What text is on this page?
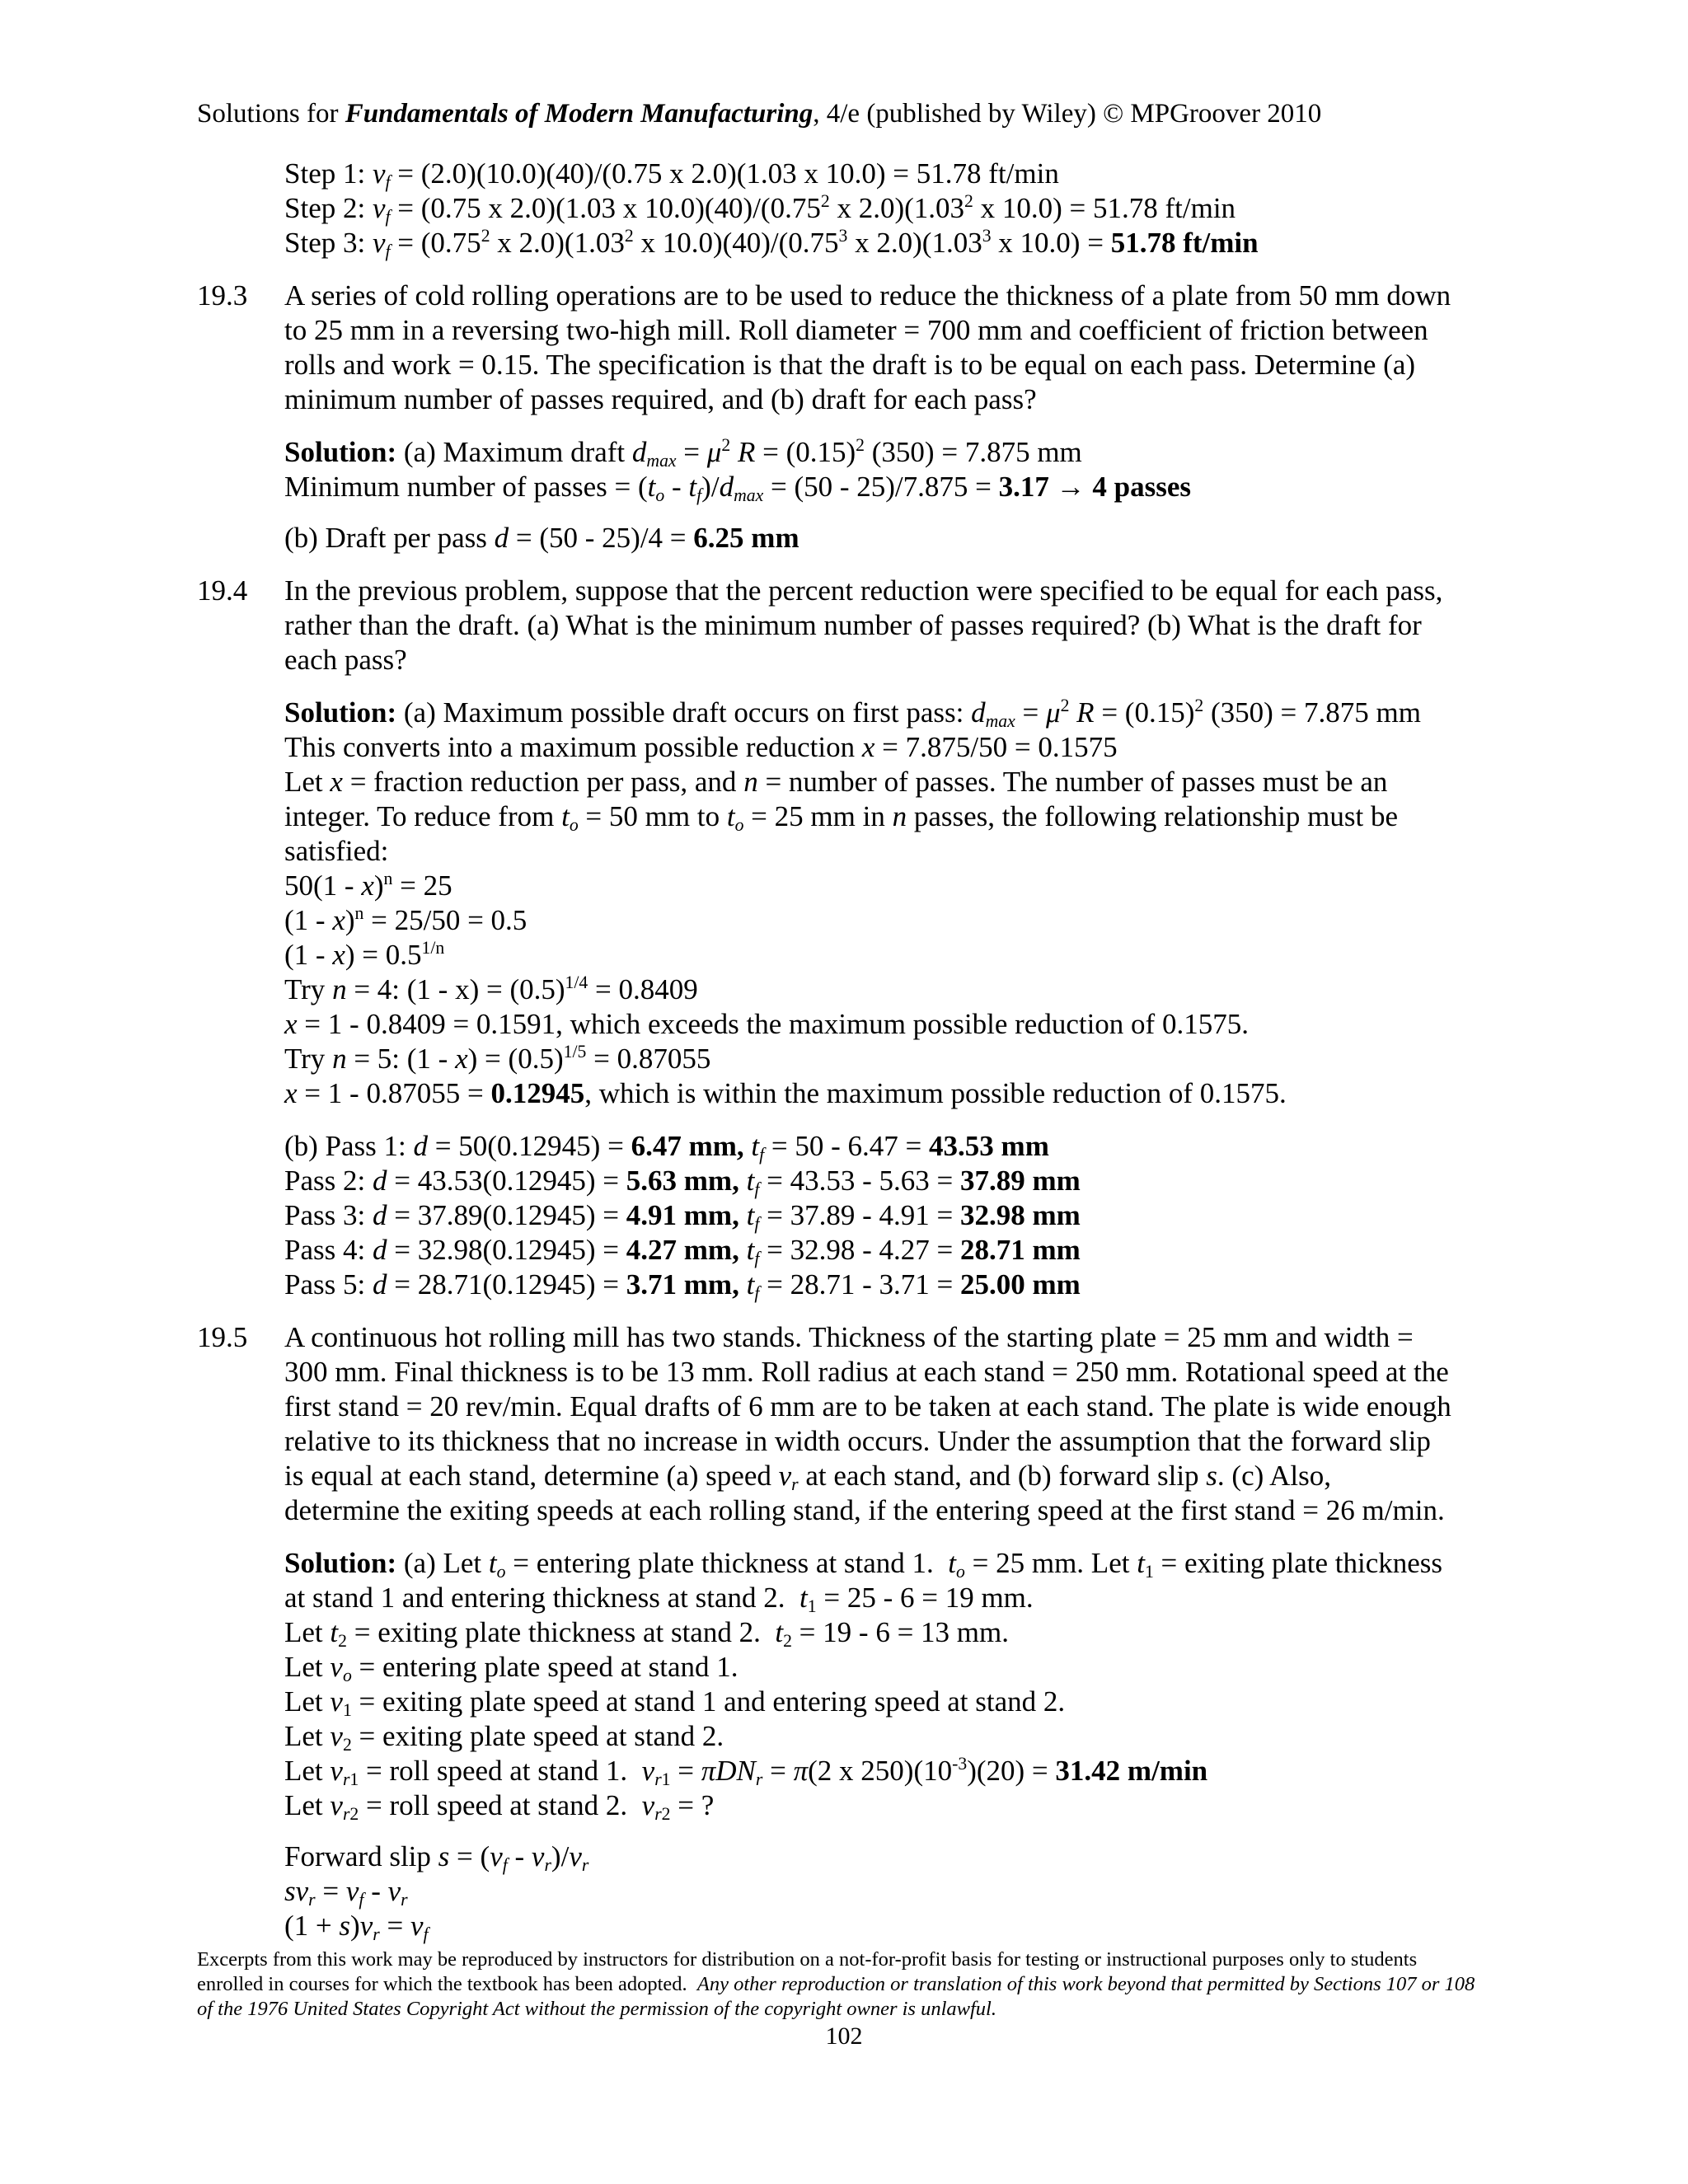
Solutions for Fundamentals of Modern Manufacturing, 4/e (published by Wiley) © MPGroover 2010
Step 1: $v_f = (2.0)(10.0)(40)/(0.75$ x 2.0)(1.03 x 10.0) = 51.78 ft/min
Step 2: $v_f = (0.75$ x 2.0)(1.03 x 10.0)(40)/(0.75$^2$ x 2.0)(1.03$^2$ x 10.0) = 51.78 ft/min
Step 3: $v_f = (0.75^2$ x 2.0)(1.03$^2$ x 10.0)(40)/(0.75$^3$ x 2.0)(1.03$^3$ x 10.0) = 51.78 ft/min
19.3 A series of cold rolling operations are to be used to reduce the thickness of a plate from 50 mm down
to 25 mm in a reversing two-high mill. Roll diameter = 700 mm and coefficient of friction between
rolls and work = 0.15. The specification is that the draft is to be equal on each pass. Determine (a)
minimum number of passes required, and (b) draft for each pass?
Solution: (a) Maximum draft $d_{max} = \mu^2$ $R = (0.15)^2$ (350) = 7.875 mm
Minimum number of passes = $(t_o - t_f)/d_{max} = (50 - 25)/7.875 = 3.17 \to 4$ passes
(b) Draft per pass d = (50 - 25)/4 = 6.25 mm
19.4 In the previous problem, suppose that the percent reduction were specified to be equal for each pass,
rather than the draft. (a) What is the minimum number of passes required? (b) What is the draft for
each pass?
Solution: (a) Maximum possible draft occurs on first pass: $d_{max} = \mu^2$ $R = (0.15)^2$ (350) = 7.875 mm
This converts into a maximum possible reduction x = 7.875/50 = 0.1575
Let x = fraction reduction per pass, and n = number of passes. The number of passes must be an
integer. To reduce from $t_o = 50$ mm to $t_o = 25$ mm in n passes, the following relationship must be
satisfied:
50(1 - x)$^n$ = 25
(1 - x)$^n$ = 25/50 = 0.5
$(1 - x) = 0.5^{1/n}$
Try n = 4: $(1 - x) = (0.5)^{1/4} = 0.8409$
x = 1 - 0.8409 = 0.1591, which exceeds the maximum possible reduction of 0.1575.
Try n = 5: $(1 - x) = (0.5)^{1/5} = 0.87055$
x = 1 - 0.87055 = 0.12945, which is within the maximum possible reduction of 0.1575.
(b) Pass 1: d = 50(0.12945) = 6.47 mm, $t_f = 50 - 6.47 = 43.53$ mm
Pass 2: d = 43.53(0.12945) = 5.63 mm, $t_f = 43.53 - 5.63 = 37.89$ mm
Pass 3: d = 37.89(0.12945) = 4.91 mm, $t_f = 37.89 - 4.91 = 32.98$ mm
Pass 4: d = 32.98(0.12945) = 4.27 mm, $t_f = 32.98 - 4.27 = 28.71$ mm
Pass 5: d = 28.71(0.12945) = 3.71 mm, $t_f = 28.71 - 3.71 = 25.00$ mm
19.5 A continuous hot rolling mill has two stands. Thickness of the starting plate = 25 mm and width =
300 mm. Final thickness is to be 13 mm. Roll radius at each stand = 250 mm. Rotational speed at the
first stand = 20 rev/min. Equal drafts of 6 mm are to be taken at each stand. The plate is wide enough
relative to its thickness that no increase in width occurs. Under the assumption that the forward slip
is equal at each stand, determine (a) speed $v_r$ at each stand, and (b) forward slip s. (c) Also,
determine the exiting speeds at each rolling stand, if the entering speed at the first stand = 26 m/min.
Solution: (a) Let $t_o$ = entering plate thickness at stand 1. $t_o = 25$ mm. Let $t_1$ = exiting plate thickness
at stand 1 and entering thickness at stand 2. $t_1 = 25 - 6 = 19$ mm.
Let $t_2$ = exiting plate thickness at stand 2. $t_2 = 19 - 6 = 13$ mm.
Let $v_o$ = entering plate speed at stand 1.
Let $v_1$ = exiting plate speed at stand 1 and entering speed at stand 2.
Let $v_2$ = exiting plate speed at stand 2.
Let $v_{r1}$ = roll speed at stand 1. $v_{r1} = \pi DN_r = \pi(2$ x $250)(10^{-3})(20) = 31.42$ m/min
Let $v_{r2}$ = roll speed at stand 2. $v_{r2}$ = ?
Forward slip $s = (v_f - v_r)/v_r$
$sv_r = v_f - v_r$
$(1 + s)v_r = v_f$
Excerpts from this work may be reproduced by instructors for distribution on a not-for-profit basis for testing or instructional purposes only to students enrolled in courses for which the textbook has been adopted. Any other reproduction or translation of this work beyond that permitted by Sections 107 or 108 of the 1976 United States Copyright Act without the permission of the copyright owner is unlawful.
102
